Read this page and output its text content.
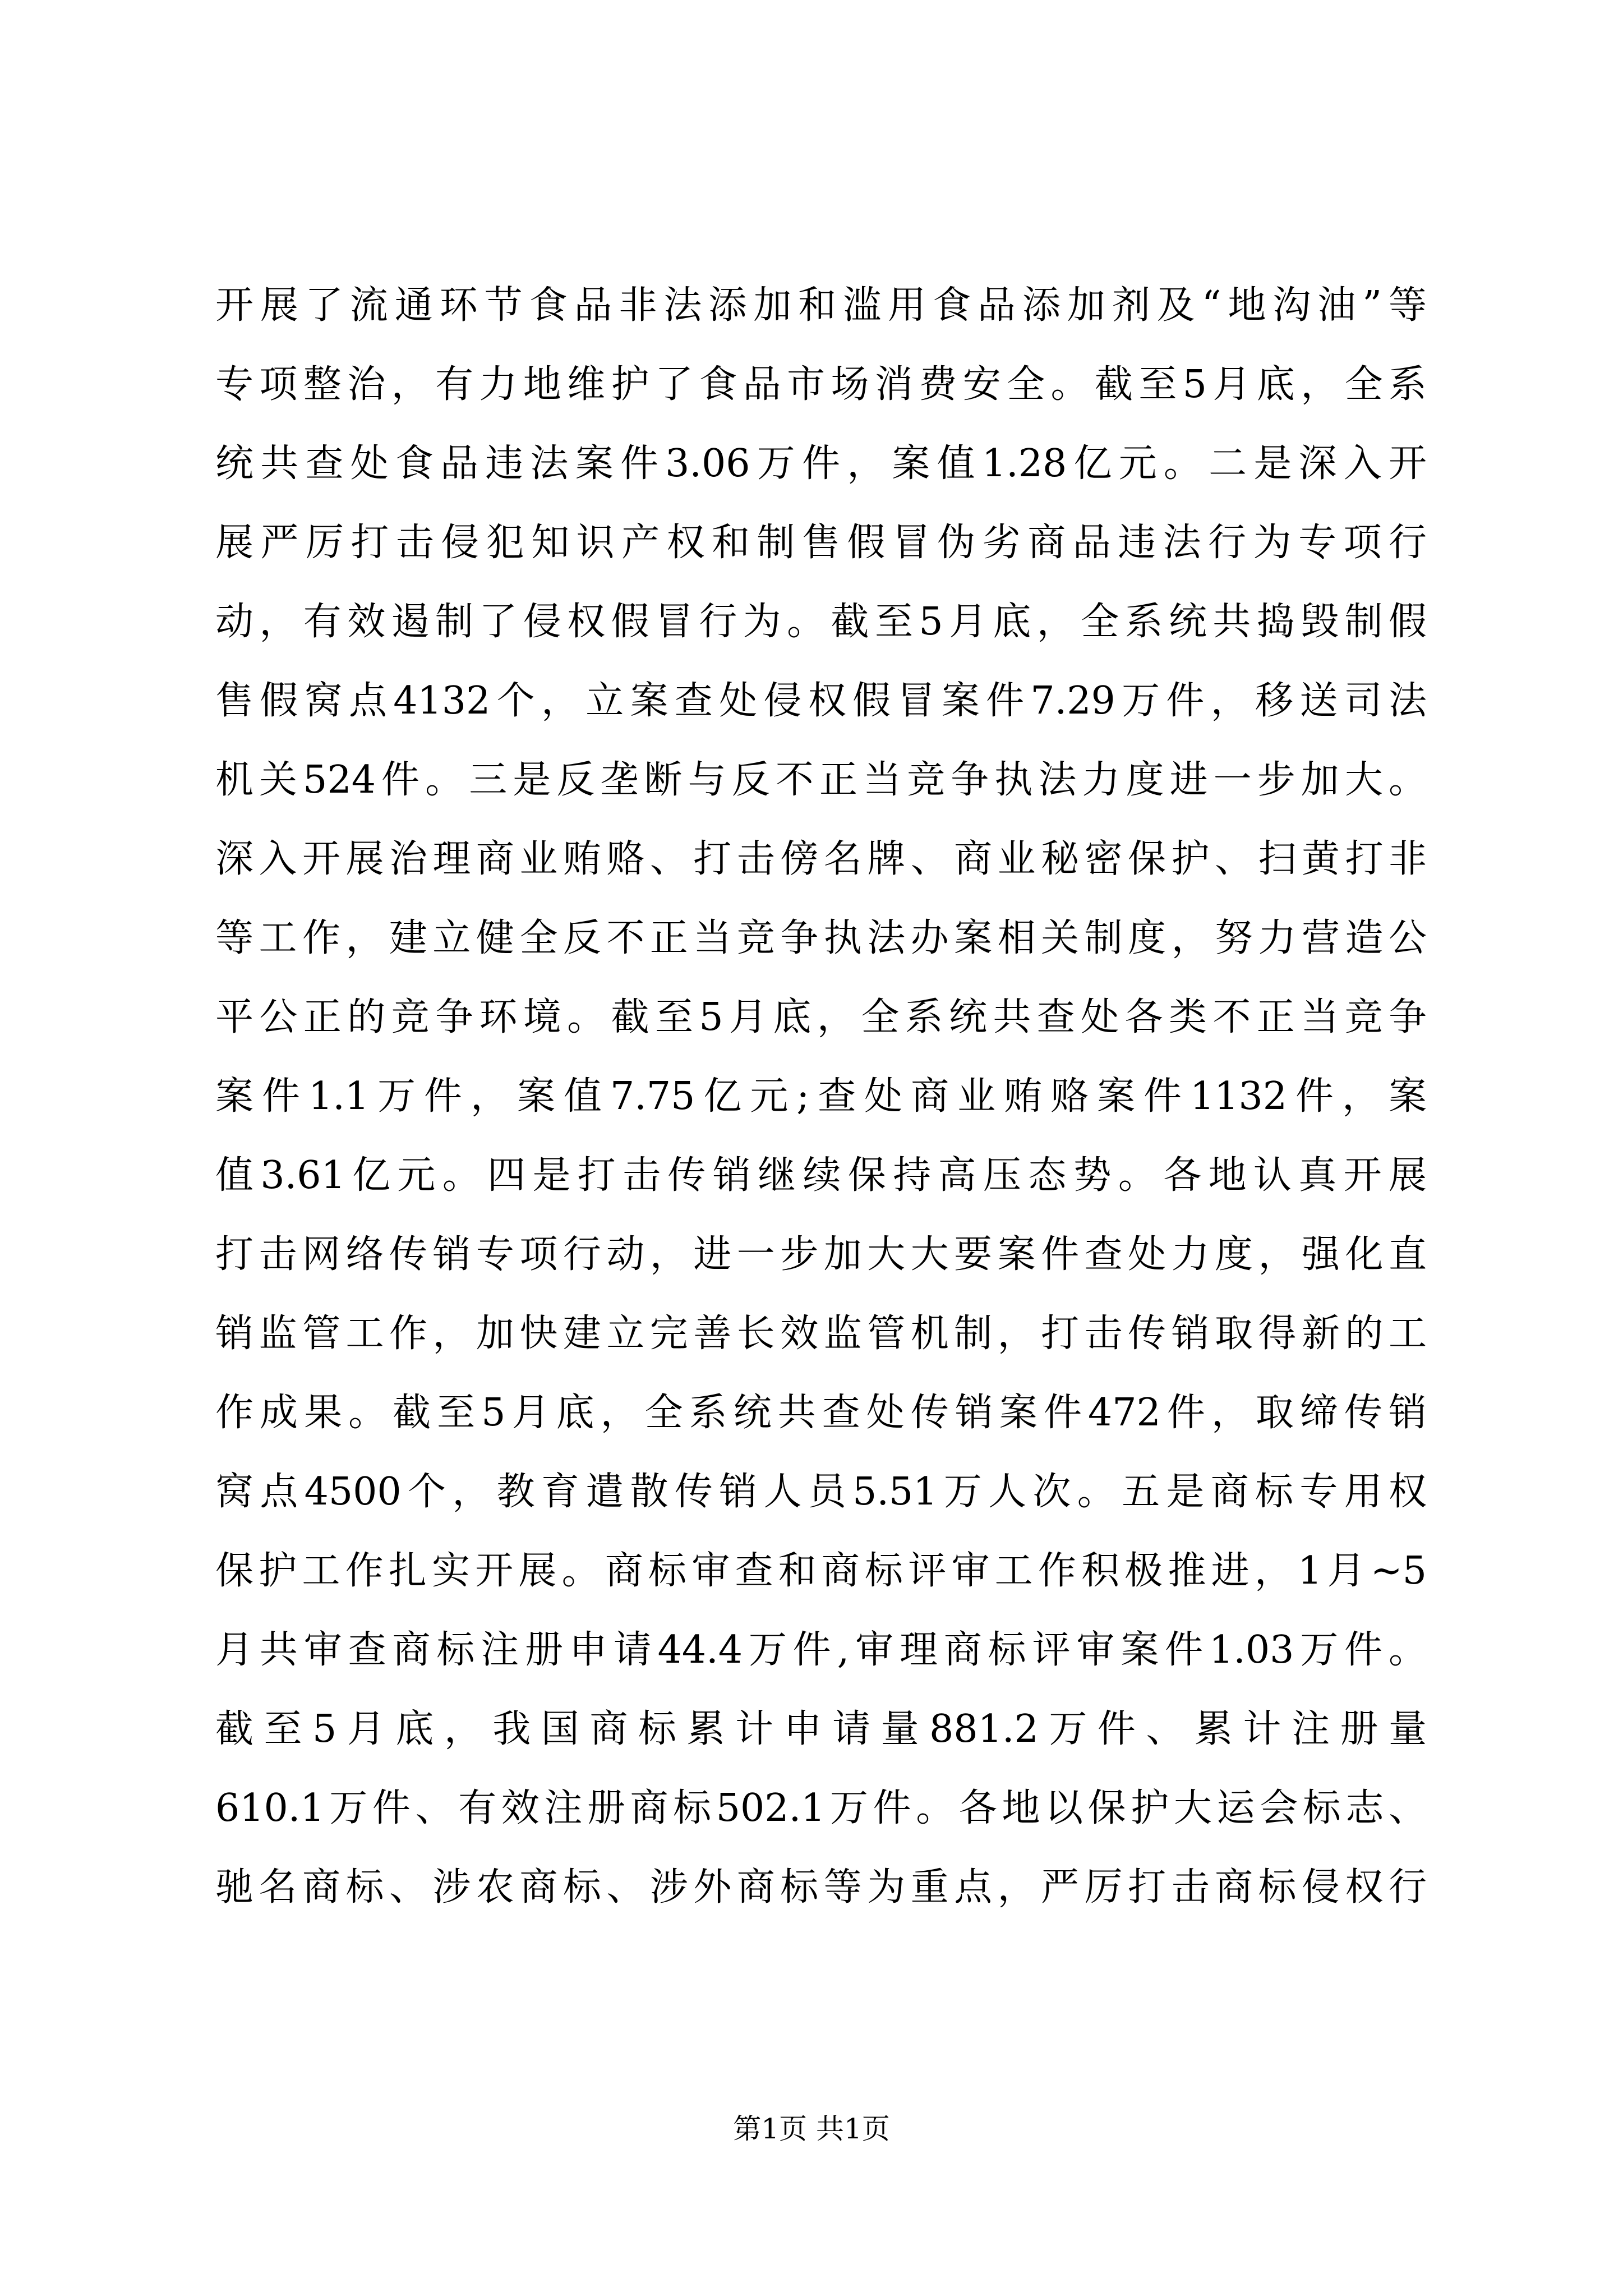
开展了流通环节食品非法添加和滥用食品添加剂及“地沟油”等
专项整治，有力地维护了食品市场消费安全。截至5月底，全系
统共查处食品违法案件3.06万件，案值1.28亿元。二是深入开
展严厉打击侵犯知识产权和制售假冒伪劣商品违法行为专项行
动，有效遏制了侵权假冒行为。截至5月底，全系统共捣毁制假
售假窝点4132个，立案查处侵权假冒案件7.29万件，移送司法
机关524件。三是反垄断与反不正当竞争执法力度进一步加大。
深入开展治理商业贿赂、打击傍名牌、商业秘密保护、扫黄打非
等工作，建立健全反不正当竞争执法办案相关制度，努力营造公
平公正的竞争环境。截至5月底，全系统共查处各类不正当竞争
案件1.1万件，案值7.75亿元;查处商业贿赂案件1132件，案
值3.61亿元。四是打击传销继续保持高压态势。各地认真开展
打击网络传销专项行动，进一步加大大要案件查处力度，强化直
销监管工作，加快建立完善长效监管机制，打击传销取得新的工
作成果。截至5月底，全系统共查处传销案件472件，取缔传销
窝点4500个，教育遣散传销人员5.51万人次。五是商标专用权
保护工作扎实开展。商标审查和商标评审工作积极推进，1月~5
月共审查商标注册申请44.4万件,审理商标评审案件1.03万件。
截至5月底，我国商标累计申请量881.2万件、累计注册量
610.1万件、有效注册商标502.1万件。各地以保护大运会标志、
驰名商标、涉农商标、涉外商标等为重点，严厉打击商标侵权行
第1页 共1页
